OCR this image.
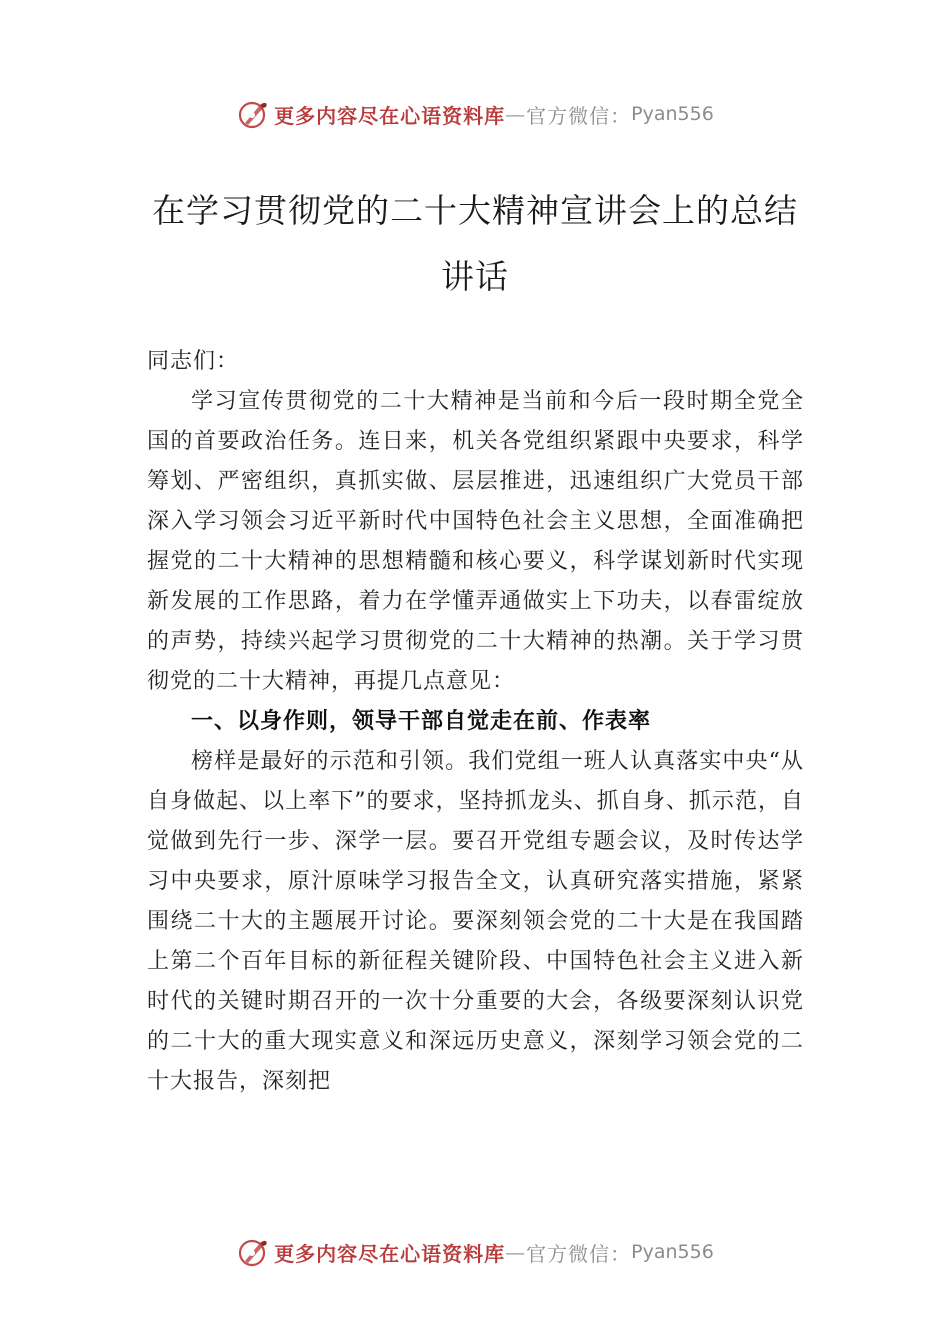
更多内容尽在心语资料库 — 官方微信： Pyan556
在学习贯彻党的二十大精神宣讲会上的总结讲话

同志们：

学习宣传贯彻党的二十大精神是当前和今后一段时期全党全国的首要政治任务。连日来，机关各党组织紧跟中央要求，科学筹划、严密组织，真抓实做、层层推进，迅速组织广大党员干部深入学习领会习近平新时代中国特色社会主义思想，全面准确把握党的二十大精神的思想精髓和核心要义，科学谋划新时代实现新发展的工作思路，着力在学懂弄通做实上下功夫，以春雷绽放的声势，持续兴起学习贯彻党的二十大精神的热潮。关于学习贯彻党的二十大精神，再提几点意见：

一、以身作则，领导干部自觉走在前、作表率

榜样是最好的示范和引领。我们党组一班人认真落实中央“从自身做起、以上率下”的要求，坚持抓龙头、抓自身、抓示范，自觉做到先行一步、深学一层。要召开党组专题会议，及时传达学习中央要求，原汁原味学习报告全文，认真研究落实措施，紧紧围绕二十大的主题展开讨论。要深刻领会党的二十大是在我国踏上第二个百年目标的新征程关键阶段、中国特色社会主义进入新时代的关键时期召开的一次十分重要的大会，各级要深刻认识党的二十大的重大现实意义和深远历史意义，深刻学习领会党的二十大报告，深刻把

更多内容尽在心语资料库 — 官方微信： Pyan556
